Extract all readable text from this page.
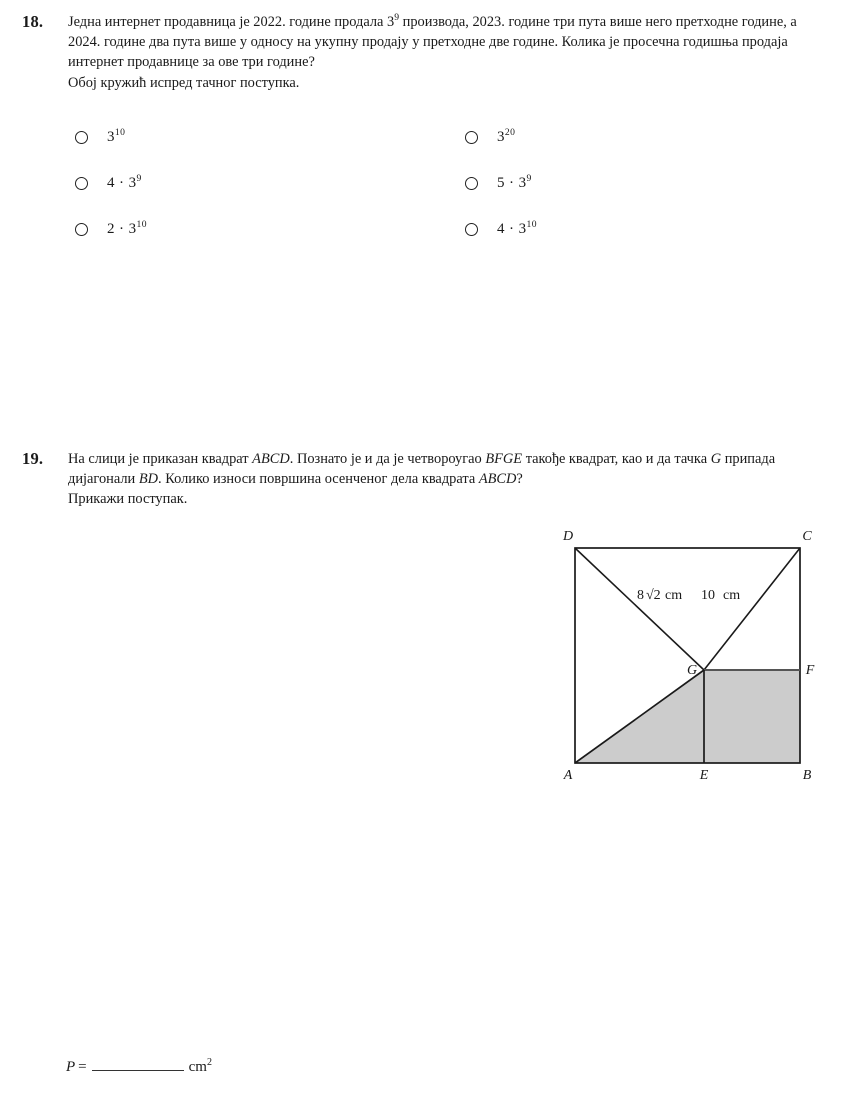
18. Једна интернет продавница је 2022. године продала $3^9$ производа, 2023. године три пута више него претходне године, а 2024. године два пута више у односу на укупну продају у претходне две године. Колика је просечна годишња продаја интернет продавнице за ове три године?

Обој кружић испред тачног поступка.

$3^{10}$
$4 \cdot 3^9$
$2 \cdot 3^{10}$
$3^{20}$
$5 \cdot 3^9$
$4 \cdot 3^{10}$
19. На слици је приказан квадрат ABCD. Познато је и да је четвороугао BFGE такође квадрат, као и да тачка G припада дијагонали BD. Колико износи површина осенченог дела квадрата ABCD?

Прикажи поступак.

A	B
C
D
E
F
G
8 √2 cm 10 cm
P =	$cm^2$
